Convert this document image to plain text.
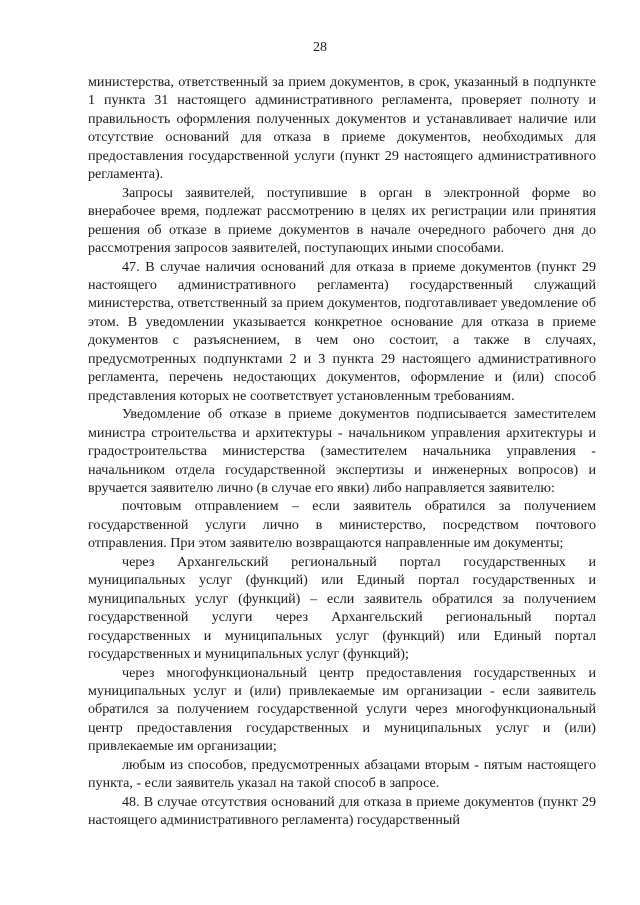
28

министерства, ответственный за прием документов, в срок, указанный в подпункте 1 пункта 31 настоящего административного регламента, проверяет полноту и правильность оформления полученных документов и устанавливает наличие или отсутствие оснований для отказа в приеме документов, необходимых для предоставления государственной услуги (пункт 29 настоящего административного регламента).

Запросы заявителей, поступившие в орган в электронной форме во внерабочее время, подлежат рассмотрению в целях их регистрации или принятия решения об отказе в приеме документов в начале очередного рабочего дня до рассмотрения запросов заявителей, поступающих иными способами.

47. В случае наличия оснований для отказа в приеме документов (пункт 29 настоящего административного регламента) государственный служащий министерства, ответственный за прием документов, подготавливает уведомление об этом. В уведомлении указывается конкретное основание для отказа в приеме документов с разъяснением, в чем оно состоит, а также в случаях, предусмотренных подпунктами 2 и 3 пункта 29 настоящего административного регламента, перечень недостающих документов, оформление и (или) способ представления которых не соответствует установленным требованиям.

Уведомление об отказе в приеме документов подписывается заместителем министра строительства и архитектуры - начальником управления архитектуры и градостроительства министерства (заместителем начальника управления - начальником отдела государственной экспертизы и инженерных вопросов) и вручается заявителю лично (в случае его явки) либо направляется заявителю:

почтовым отправлением – если заявитель обратился за получением государственной услуги лично в министерство, посредством почтового отправления. При этом заявителю возвращаются направленные им документы;

через Архангельский региональный портал государственных и муниципальных услуг (функций) или Единый портал государственных и муниципальных услуг (функций) – если заявитель обратился за получением государственной услуги через Архангельский региональный портал государственных и муниципальных услуг (функций) или Единый портал государственных и муниципальных услуг (функций);

через многофункциональный центр предоставления государственных и муниципальных услуг и (или) привлекаемые им организации - если заявитель обратился за получением государственной услуги через многофункциональный центр предоставления государственных и муниципальных услуг и (или) привлекаемые им организации;

любым из способов, предусмотренных абзацами вторым - пятым настоящего пункта, - если заявитель указал на такой способ в запросе.

48. В случае отсутствия оснований для отказа в приеме документов (пункт 29 настоящего административного регламента) государственный
